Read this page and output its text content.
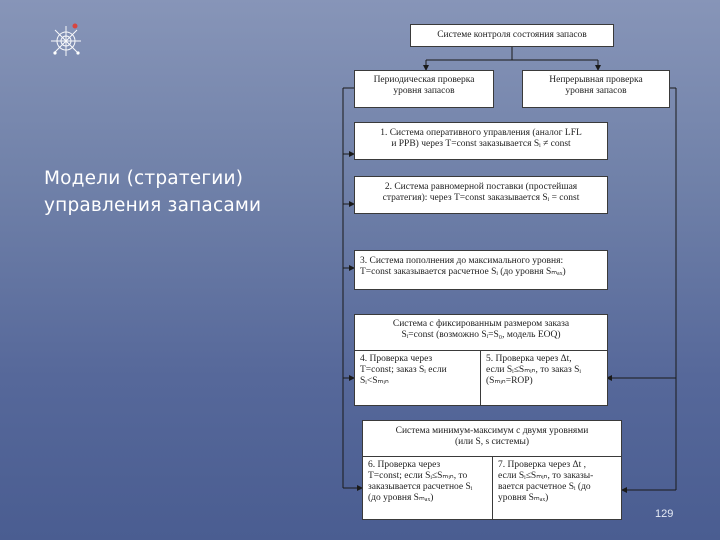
Модели (стратегии)
управления запасами
Системе контроля состояния запасов
Периодическая проверка
уровня запасов
Непрерывная проверка
уровня запасов
1. Система оперативного управления (аналог LFL
и PPB) через T=const заказывается Sᵢ ≠ const
2. Система равномерной поставки (простейшая
стратегия): через T=const заказывается Sᵢ = const
3. Система пополнения до максимального уровня:
T=const заказывается расчетное Sᵢ (до уровня Sₘₐₓ)
Система с фиксированным размером заказа
Sᵢ=const (возможно Sᵢ=S₀, модель EOQ)
4. Проверка через
T=const; заказ Sᵢ если
Sᵢ<Sₘᵢₙ
5. Проверка через Δt,
если Sᵢ≤Sₘᵢₙ, то заказ Sᵢ
(Sₘᵢₙ=ROP)
Система минимум-максимум с двумя уровнями
(или S, s системы)
6. Проверка через
T=const; если Sᵢ≤Sₘᵢₙ, то
заказывается расчетное Sᵢ
(до уровня Sₘₐₓ)
7. Проверка через Δt ,
если Sᵢ≤Sₘᵢₙ, то заказы-
вается расчетное Sᵢ (до
уровня Sₘₐₓ)
129
